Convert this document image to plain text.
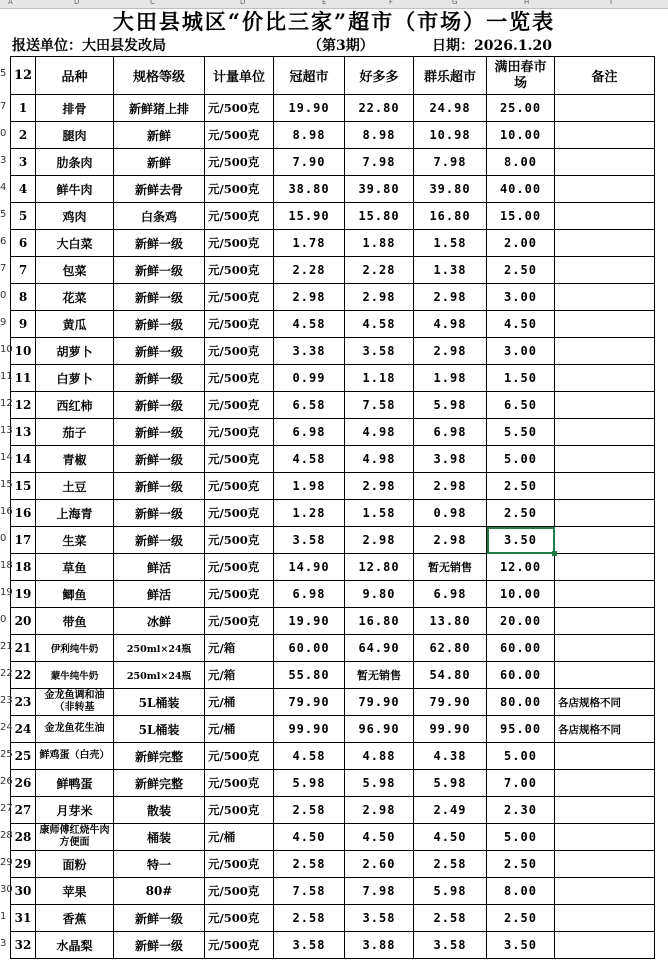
A	D	C	D	E	F	G	H	I
大田县城区“价比三家”超市（市场）一览表
报送单位：大田县发改局	（第3期）	日期：2026.1.20
12	品种	规格等级	计量单位	冠超市	好多多	群乐超市	满田春市场	备注
1	排骨	新鲜猪上排	元/500克	19.90	22.80	24.98	25.00	
2	腿肉	新鲜	元/500克	8.98	8.98	10.98	10.00	
3	肋条肉	新鲜	元/500克	7.90	7.98	7.98	8.00	
4	鲜牛肉	新鲜去骨	元/500克	38.80	39.80	39.80	40.00	
5	鸡肉	白条鸡	元/500克	15.90	15.80	16.80	15.00	
6	大白菜	新鲜一级	元/500克	1.78	1.88	1.58	2.00	
7	包菜	新鲜一级	元/500克	2.28	2.28	1.38	2.50	
8	花菜	新鲜一级	元/500克	2.98	2.98	2.98	3.00	
9	黄瓜	新鲜一级	元/500克	4.58	4.58	4.98	4.50	
10	胡萝卜	新鲜一级	元/500克	3.38	3.58	2.98	3.00	
11	白萝卜	新鲜一级	元/500克	0.99	1.18	1.98	1.50	
12	西红柿	新鲜一级	元/500克	6.58	7.58	5.98	6.50	
13	茄子	新鲜一级	元/500克	6.98	4.98	6.98	5.50	
14	青椒	新鲜一级	元/500克	4.58	4.98	3.98	5.00	
15	土豆	新鲜一级	元/500克	1.98	2.98	2.98	2.50	
16	上海青	新鲜一级	元/500克	1.28	1.58	0.98	2.50	
17	生菜	新鲜一级	元/500克	3.58	2.98	2.98	3.50	
18	草鱼	鲜活	元/500克	14.90	12.80	暂无销售	12.00	
19	鲫鱼	鲜活	元/500克	6.98	9.80	6.98	10.00	
20	带鱼	冰鲜	元/500克	19.90	16.80	13.80	20.00	
21	伊利纯牛奶	250ml×24瓶	元/箱	60.00	64.90	62.80	60.00	
22	蒙牛纯牛奶	250ml×24瓶	元/箱	55.80	暂无销售	54.80	60.00	
23	金龙鱼调和油（非转基	5L桶装	元/桶	79.90	79.90	79.90	80.00	各店规格不同
24	金龙鱼花生油	5L桶装	元/桶	99.90	96.90	99.90	95.00	各店规格不同
25	鲜鸡蛋（白壳）	新鲜完整	元/500克	4.58	4.88	4.38	5.00	
26	鲜鸭蛋	新鲜完整	元/500克	5.98	5.98	5.98	7.00	
27	月芽米	散装	元/500克	2.58	2.98	2.49	2.30	
28	康师傅红烧牛肉方便面	桶装	元/桶	4.50	4.50	4.50	5.00	
29	面粉	特一	元/500克	2.58	2.60	2.58	2.50	
30	苹果	80#	元/500克	7.58	7.98	5.98	8.00	
31	香蕉	新鲜一级	元/500克	2.58	3.58	2.58	2.50	
32	水晶梨	新鲜一级	元/500克	3.58	3.88	3.58	3.50	
5
7
0
3
4
5
6
7
0
9
10
11
12
13
14
15
16
0
18
19
0
21
22
23
24
25
26
27
28
29
30
1
3
